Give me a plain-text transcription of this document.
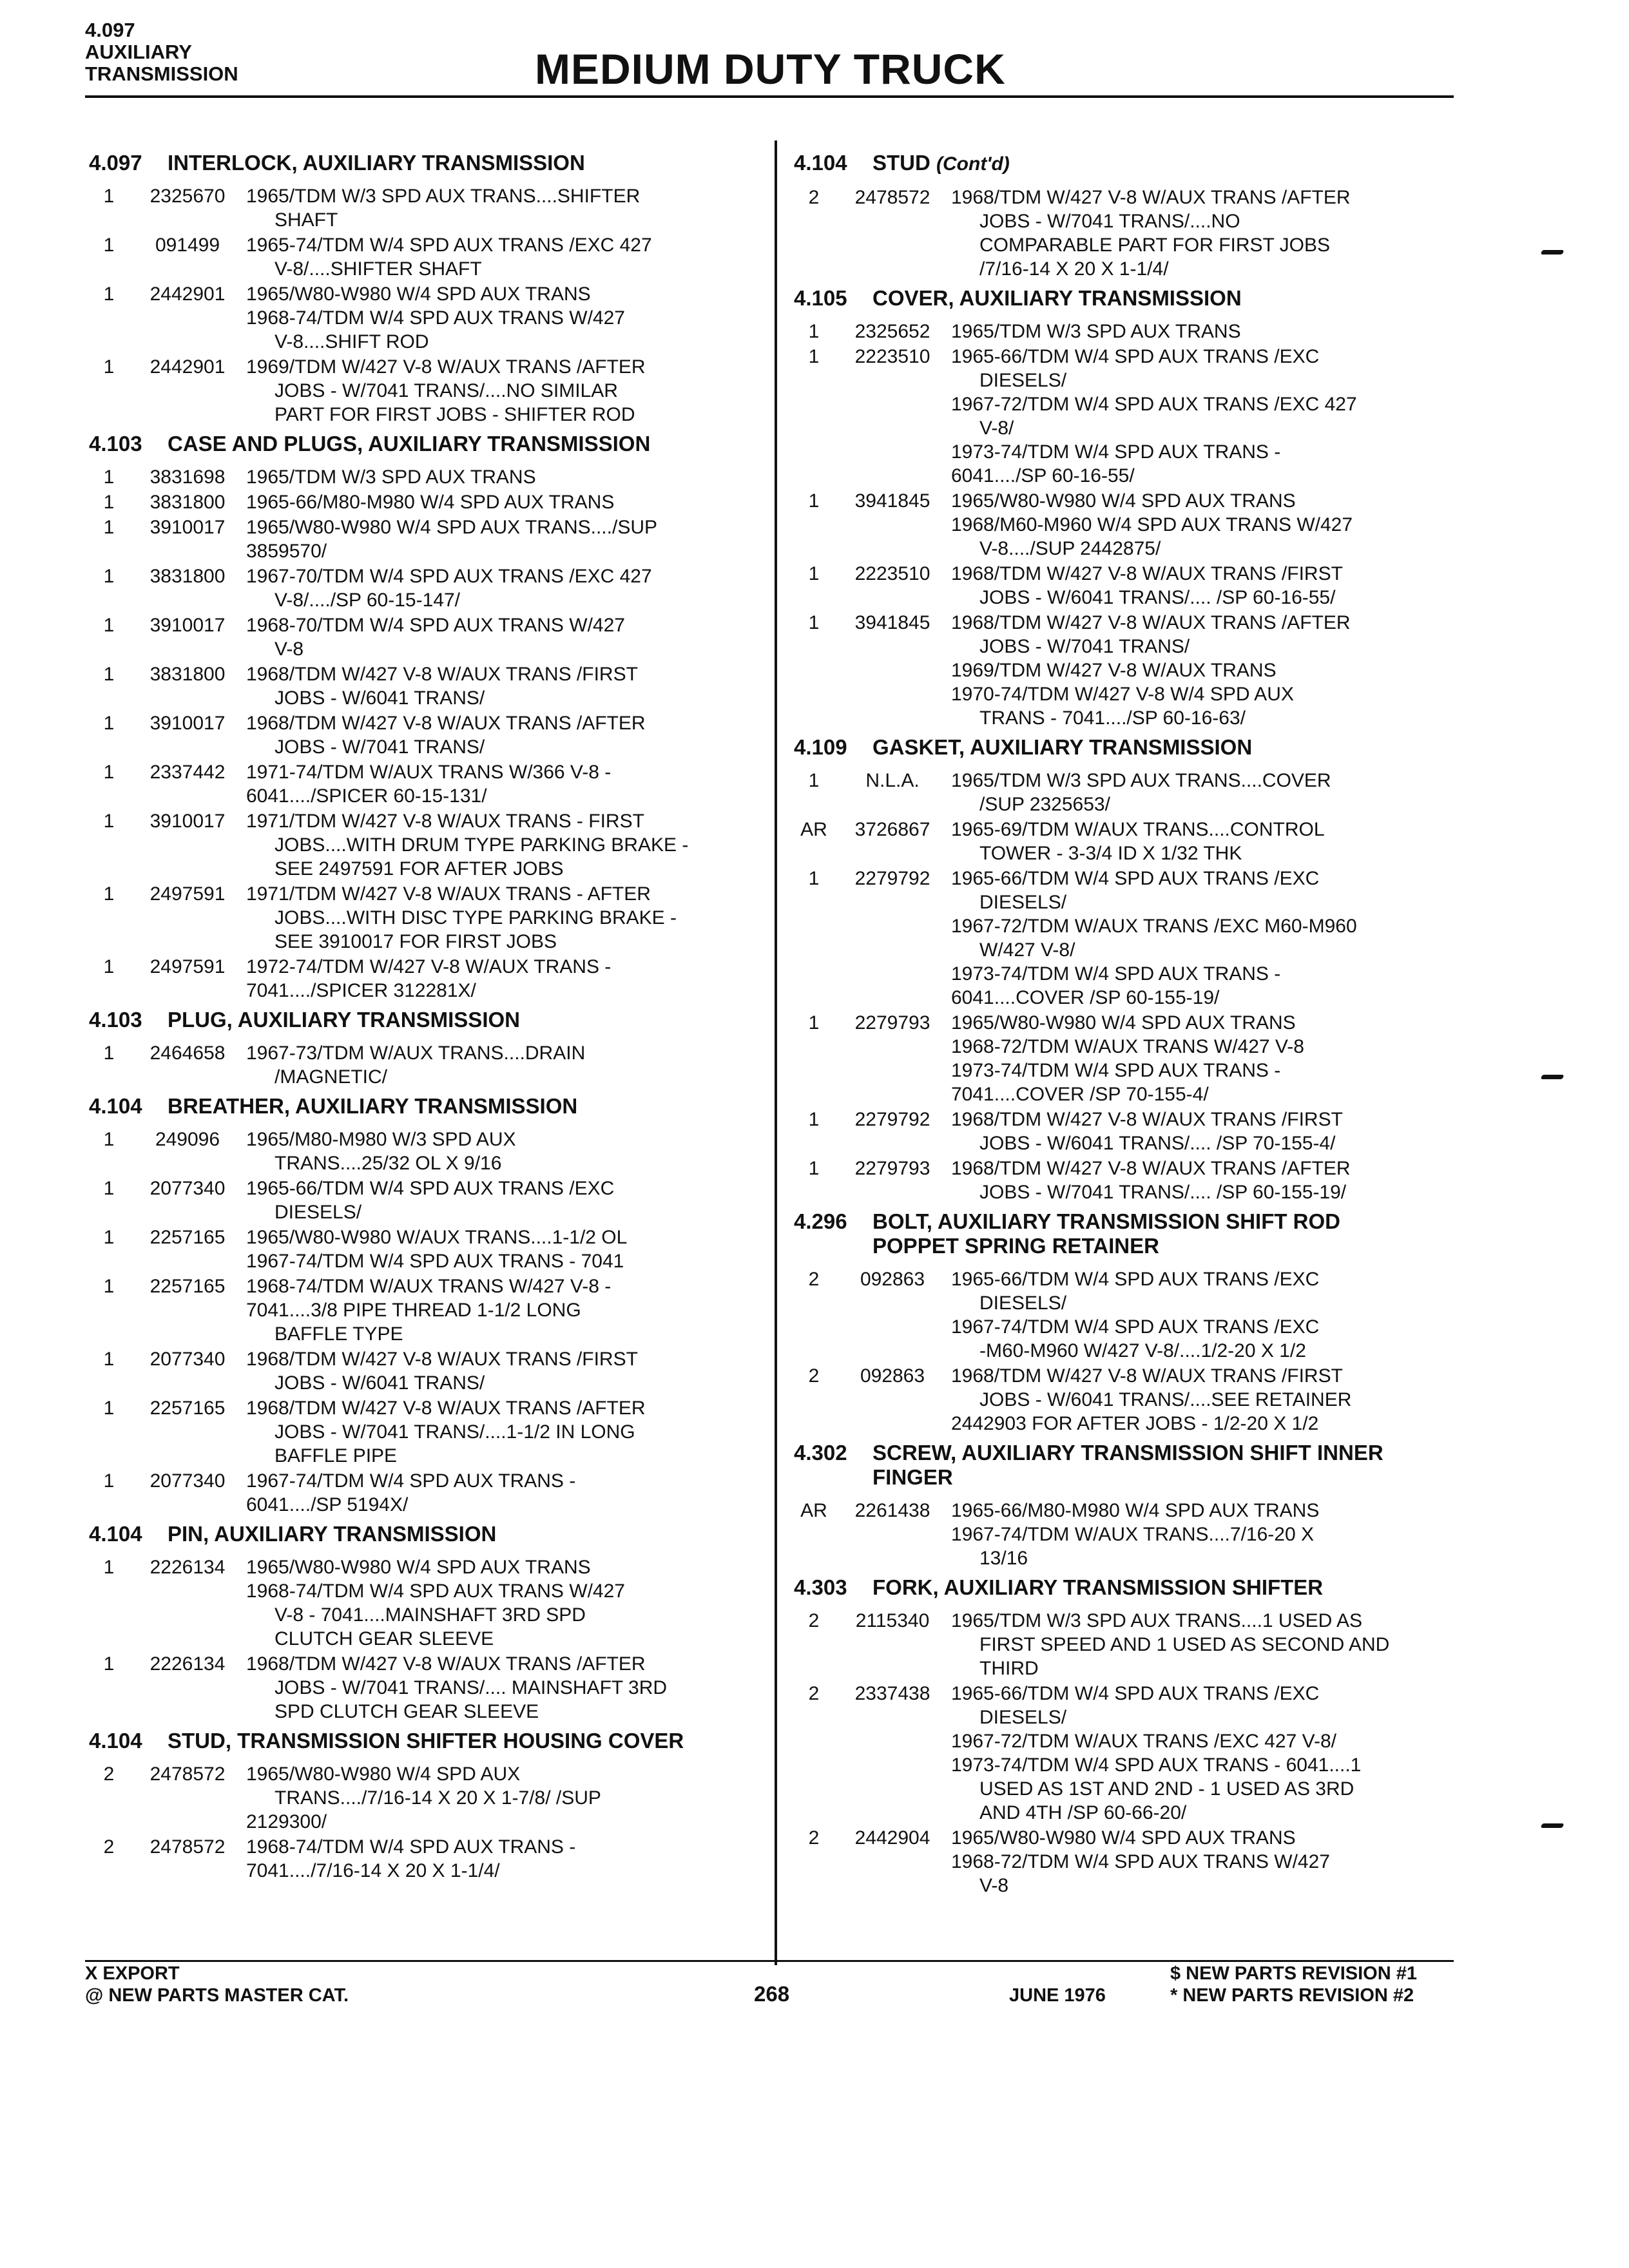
4.097
AUXILIARY
TRANSMISSION	MEDIUM DUTY TRUCK
4.097	INTERLOCK, AUXILIARY TRANSMISSION
1	2325670	1965/TDM W/3 SPD AUX TRANS....SHIFTER
SHAFT
1	091499	1965-74/TDM W/4 SPD AUX TRANS /EXC 427
V-8/....SHIFTER SHAFT
1	2442901	1965/W80-W980 W/4 SPD AUX TRANS
1968-74/TDM W/4 SPD AUX TRANS W/427
V-8....SHIFT ROD
1	2442901	1969/TDM W/427 V-8 W/AUX TRANS /AFTER
JOBS - W/7041 TRANS/....NO SIMILAR
PART FOR FIRST JOBS - SHIFTER ROD
4.103	CASE AND PLUGS, AUXILIARY TRANSMISSION
1	3831698	1965/TDM W/3 SPD AUX TRANS
1	3831800	1965-66/M80-M980 W/4 SPD AUX TRANS
1	3910017	1965/W80-W980 W/4 SPD AUX TRANS..../SUP
3859570/
1	3831800	1967-70/TDM W/4 SPD AUX TRANS /EXC 427
V-8/..../SP 60-15-147/
1	3910017	1968-70/TDM W/4 SPD AUX TRANS W/427
V-8
1	3831800	1968/TDM W/427 V-8 W/AUX TRANS /FIRST
JOBS - W/6041 TRANS/
1	3910017	1968/TDM W/427 V-8 W/AUX TRANS /AFTER
JOBS - W/7041 TRANS/
1	2337442	1971-74/TDM W/AUX TRANS W/366 V-8 -
6041..../SPICER 60-15-131/
1	3910017	1971/TDM W/427 V-8 W/AUX TRANS - FIRST
JOBS....WITH DRUM TYPE PARKING BRAKE -
SEE 2497591 FOR AFTER JOBS
1	2497591	1971/TDM W/427 V-8 W/AUX TRANS - AFTER
JOBS....WITH DISC TYPE PARKING BRAKE -
SEE 3910017 FOR FIRST JOBS
1	2497591	1972-74/TDM W/427 V-8 W/AUX TRANS -
7041..../SPICER 312281X/
4.103	PLUG, AUXILIARY TRANSMISSION
1	2464658	1967-73/TDM W/AUX TRANS....DRAIN
/MAGNETIC/
4.104	BREATHER, AUXILIARY TRANSMISSION
1	249096	1965/M80-M980 W/3 SPD AUX
TRANS....25/32 OL X 9/16
1	2077340	1965-66/TDM W/4 SPD AUX TRANS /EXC
DIESELS/
1	2257165	1965/W80-W980 W/AUX TRANS....1-1/2 OL
1967-74/TDM W/4 SPD AUX TRANS - 7041
1	2257165	1968-74/TDM W/AUX TRANS W/427 V-8 -
7041....3/8 PIPE THREAD 1-1/2 LONG
BAFFLE TYPE
1	2077340	1968/TDM W/427 V-8 W/AUX TRANS /FIRST
JOBS - W/6041 TRANS/
1	2257165	1968/TDM W/427 V-8 W/AUX TRANS /AFTER
JOBS - W/7041 TRANS/....1-1/2 IN LONG
BAFFLE PIPE
1	2077340	1967-74/TDM W/4 SPD AUX TRANS -
6041..../SP 5194X/
4.104	PIN, AUXILIARY TRANSMISSION
1	2226134	1965/W80-W980 W/4 SPD AUX TRANS
1968-74/TDM W/4 SPD AUX TRANS W/427
V-8 - 7041....MAINSHAFT 3RD SPD
CLUTCH GEAR SLEEVE
1	2226134	1968/TDM W/427 V-8 W/AUX TRANS /AFTER
JOBS - W/7041 TRANS/.... MAINSHAFT 3RD
SPD CLUTCH GEAR SLEEVE
4.104	STUD, TRANSMISSION SHIFTER HOUSING COVER
2	2478572	1965/W80-W980 W/4 SPD AUX
TRANS..../7/16-14 X 20 X 1-7/8/ /SUP
2129300/
2	2478572	1968-74/TDM W/4 SPD AUX TRANS -
7041..../7/16-14 X 20 X 1-1/4/
4.104	STUD (Cont'd)
2	2478572	1968/TDM W/427 V-8 W/AUX TRANS /AFTER
JOBS - W/7041 TRANS/....NO
COMPARABLE PART FOR FIRST JOBS
/7/16-14 X 20 X 1-1/4/
4.105	COVER, AUXILIARY TRANSMISSION
1	2325652	1965/TDM W/3 SPD AUX TRANS
1	2223510	1965-66/TDM W/4 SPD AUX TRANS /EXC
DIESELS/
1967-72/TDM W/4 SPD AUX TRANS /EXC 427
V-8/
1973-74/TDM W/4 SPD AUX TRANS -
6041..../SP 60-16-55/
1	3941845	1965/W80-W980 W/4 SPD AUX TRANS
1968/M60-M960 W/4 SPD AUX TRANS W/427
V-8..../SUP 2442875/
1	2223510	1968/TDM W/427 V-8 W/AUX TRANS /FIRST
JOBS - W/6041 TRANS/.... /SP 60-16-55/
1	3941845	1968/TDM W/427 V-8 W/AUX TRANS /AFTER
JOBS - W/7041 TRANS/
1969/TDM W/427 V-8 W/AUX TRANS
1970-74/TDM W/427 V-8 W/4 SPD AUX
TRANS - 7041..../SP 60-16-63/
4.109	GASKET, AUXILIARY TRANSMISSION
1	N.L.A.	1965/TDM W/3 SPD AUX TRANS....COVER
/SUP 2325653/
AR	3726867	1965-69/TDM W/AUX TRANS....CONTROL
TOWER - 3-3/4 ID X 1/32 THK
1	2279792	1965-66/TDM W/4 SPD AUX TRANS /EXC
DIESELS/
1967-72/TDM W/AUX TRANS /EXC M60-M960
W/427 V-8/
1973-74/TDM W/4 SPD AUX TRANS -
6041....COVER /SP 60-155-19/
1	2279793	1965/W80-W980 W/4 SPD AUX TRANS
1968-72/TDM W/AUX TRANS W/427 V-8
1973-74/TDM W/4 SPD AUX TRANS -
7041....COVER /SP 70-155-4/
1	2279792	1968/TDM W/427 V-8 W/AUX TRANS /FIRST
JOBS - W/6041 TRANS/.... /SP 70-155-4/
1	2279793	1968/TDM W/427 V-8 W/AUX TRANS /AFTER
JOBS - W/7041 TRANS/.... /SP 60-155-19/
4.296	BOLT, AUXILIARY TRANSMISSION SHIFT ROD
POPPET SPRING RETAINER
2	092863	1965-66/TDM W/4 SPD AUX TRANS /EXC
DIESELS/
1967-74/TDM W/4 SPD AUX TRANS /EXC
-M60-M960 W/427 V-8/....1/2-20 X 1/2
2	092863	1968/TDM W/427 V-8 W/AUX TRANS /FIRST
JOBS - W/6041 TRANS/....SEE RETAINER
2442903 FOR AFTER JOBS - 1/2-20 X 1/2
4.302	SCREW, AUXILIARY TRANSMISSION SHIFT INNER
FINGER
AR	2261438	1965-66/M80-M980 W/4 SPD AUX TRANS
1967-74/TDM W/AUX TRANS....7/16-20 X
13/16
4.303	FORK, AUXILIARY TRANSMISSION SHIFTER
2	2115340	1965/TDM W/3 SPD AUX TRANS....1 USED AS
FIRST SPEED AND 1 USED AS SECOND AND
THIRD
2	2337438	1965-66/TDM W/4 SPD AUX TRANS /EXC
DIESELS/
1967-72/TDM W/AUX TRANS /EXC 427 V-8/
1973-74/TDM W/4 SPD AUX TRANS - 6041....1
USED AS 1ST AND 2ND - 1 USED AS 3RD
AND 4TH /SP 60-66-20/
2	2442904	1965/W80-W980 W/4 SPD AUX TRANS
1968-72/TDM W/4 SPD AUX TRANS W/427
V-8
X EXPORT
@ NEW PARTS MASTER CAT.	268	JUNE 1976
$ NEW PARTS REVISION #1
* NEW PARTS REVISION #2
